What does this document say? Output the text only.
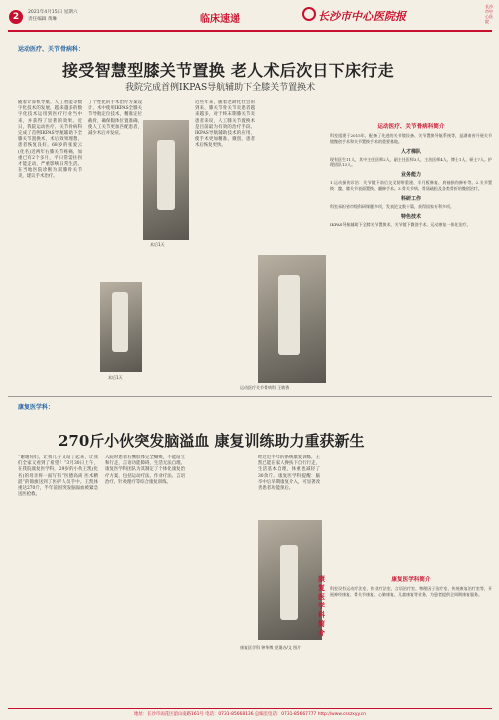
2	2021年4月15日 星期六
责任编辑 黄琳	临床速递	长沙市中心医院报
长沙市中心医院
运动医疗、关节骨病科：
接受智慧型膝关节置换 老人术后次日下床行走
我院完成首例IKPAS导航辅助下全膝关节置换术
随着计算机导航、人工智能等数字化技术的发展，越来越多的数字化技术运用到医疗行业当中来，并获得了显著的效果。近日，我院运动医疗、关节骨病科完成了首例IKPAS导航辅助下全膝关节置换术，术后效果理想，患者恢复良好。68岁的张爱云(化名)近两年右膝关节疼痛，加重已有2个多月，平日常需拄拐才能走动，严重影响日常生活。在当地医院诊断为双膝骨关节炎，建议手术治疗。
了个性化的手术治疗方案设计，术中使用IKPAS全膝关节导航定位技术，精准定位截骨，确保假体位置准确，使人工关节更加匹配患者，减少术后并发症。
术后1天
术后1天
近些年来，随着老龄化社会的到来，膝关节骨关节炎患者越来越多，对于终末期膝关节炎患者来说，人工膝关节置换术是目前最为有效的治疗手段。IKPAS导航辅助技术的应用，使手术更加精准、微创，患者术后恢复更快。
运动医疗关节骨病科 王敏香
运动医疗、关节骨病科简介
科室组建于2015年，配备了先进的关节镜设备、关节置换导航系统等，是湖南省开展关节镜微创手术和关节置换手术的重要基地。
人才梯队
现有医生11人，其中主任医师2人，副主任医师3人，主治医师4人，博士1人，硕士7人。护理团队13人。
业务能力
1.运动损伤诊治：关节镜下前后交叉韧带重建、半月板修复、肩袖损伤修补等。2.关节置换：髋、膝关节表面置换、翻修手术。3.骨关节病、骨质疏松及各类骨折的微创治疗。
科研工作
科室承担省市级科研课题多项，发表论文数十篇，获得国家专利多项。
特色技术
IKPAS导航辅助下全膝关节置换术、关节镜下微创手术、运动康复一体化治疗。
康复医学科：
270斤小伙突发脑溢血 康复训练助力重获新生
“谢谢你们，让我儿子又站了起来，让我们全家又看到了希望！”3月30日上午，在我院康复医学科，29岁的小伙王凯(化名)的母亲将一面写有“医德高尚 医术精湛”的锦旗送到了医护人员手中。王凯体重达270斤，半年前因突发脑溢血被紧急送医抢救。
入院时患者右侧肢体完全瘫痪，不能站立和行走，言语功能障碍，生活无法自理。康复医学科团队为其制定了个体化康复治疗方案，包括运动疗法、作业疗法、言语治疗、针灸理疗等综合康复训练。
经过近半年的系统康复训练，王凯已能在家人搀扶下自行行走，生活基本自理，体重也减轻了30余斤。康复医学科提醒：脑卒中后早期康复介入，可显著改善患者功能预后。
康复医学科 钟华博 党婆办/文 图片
康复医学科简介
康复医学科简介
科室设有运动疗法室、作业疗法室、言语治疗室、物理因子治疗室、传统康复治疗室等，开展神经康复、骨关节康复、心肺康复、儿童康复等业务，为患者提供全周期康复服务。
地址：长沙市雨花区韶山南路161号 电话：0731-85668136 总编室电话：0731-85667777 http://www.csszxyy.cn
